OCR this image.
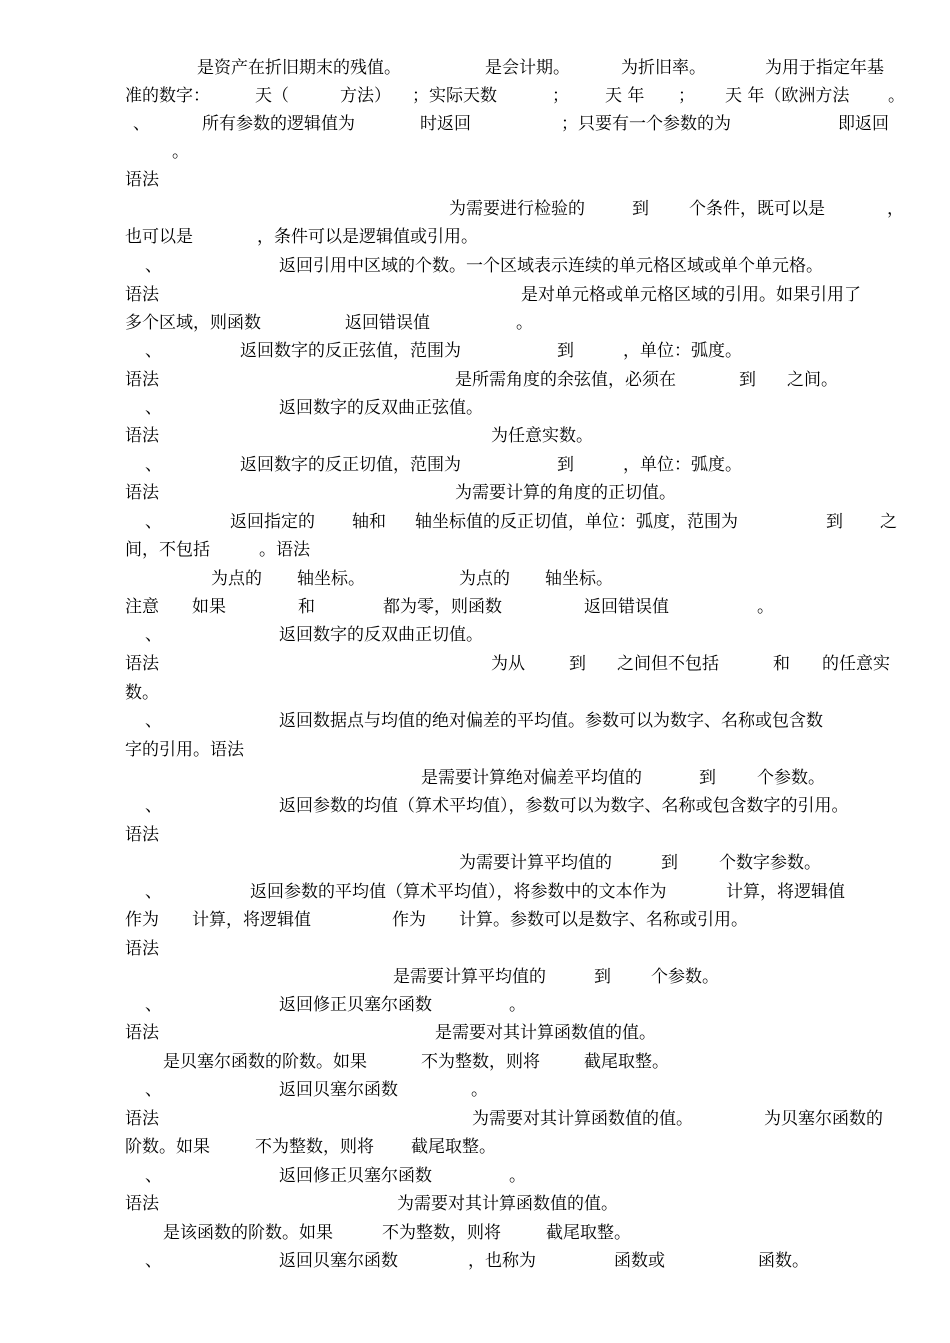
是资产在折旧期末的残值。	是会计期。	为折旧率。	为用于指定年基
准的数字：	天（	方法） ；实际天数	； 天 年 ； 天 年（欧洲方法 。
、	所有参数的逻辑值为	时返回	；只要有一个参数的为	即返回
。
语法
为需要进行检验的	到 个条件，既可以是	，
也可以是	，条件可以是逻辑值或引用。
、	返回引用中区域的个数。一个区域表示连续的单元格区域或单个单元格。
语法	是对单元格或单元格区域的引用。如果引用了
多个区域，则函数	返回错误值	。
、	返回数字的反正弦值，范围为	到	，单位：弧度。
语法	是所需角度的余弦值，必须在	到 之间。
、	返回数字的反双曲正弦值。
语法	为任意实数。
、	返回数字的反正切值，范围为	到	，单位：弧度。
语法	为需要计算的角度的正切值。
、	返回指定的 轴和 轴坐标值的反正切值，单位：弧度，范围为	到 之
间，不包括	。语法
为点的 轴坐标。	为点的 轴坐标。
注意 如果	和	都为零，则函数	返回错误值	。
、	返回数字的反双曲正切值。
语法	为从	到 之间但不包括	和 的任意实
数。
、	返回数据点与均值的绝对偏差的平均值。参数可以为数字、名称或包含数
字的引用。语法
是需要计算绝对偏差平均值的	到 个参数。
、	返回参数的均值（算术平均值），参数可以为数字、名称或包含数字的引用。
语法
为需要计算平均值的	到 个数字参数。
、	返回参数的平均值（算术平均值），将参数中的文本作为	计算，将逻辑值
作为 计算，将逻辑值	作为 计算。参数可以是数字、名称或引用。
语法
是需要计算平均值的	到 个参数。
、	返回修正贝塞尔函数	。
语法	是需要对其计算函数值的值。
是贝塞尔函数的阶数。如果	不为整数，则将	截尾取整。
、	返回贝塞尔函数	。
语法	为需要对其计算函数值的值。	为贝塞尔函数的
阶数。如果	不为整数，则将 截尾取整。
、	返回修正贝塞尔函数	。
语法	为需要对其计算函数值的值。
是该函数的阶数。如果	不为整数，则将	截尾取整。
、	返回贝塞尔函数	，也称为	函数或	函数。
